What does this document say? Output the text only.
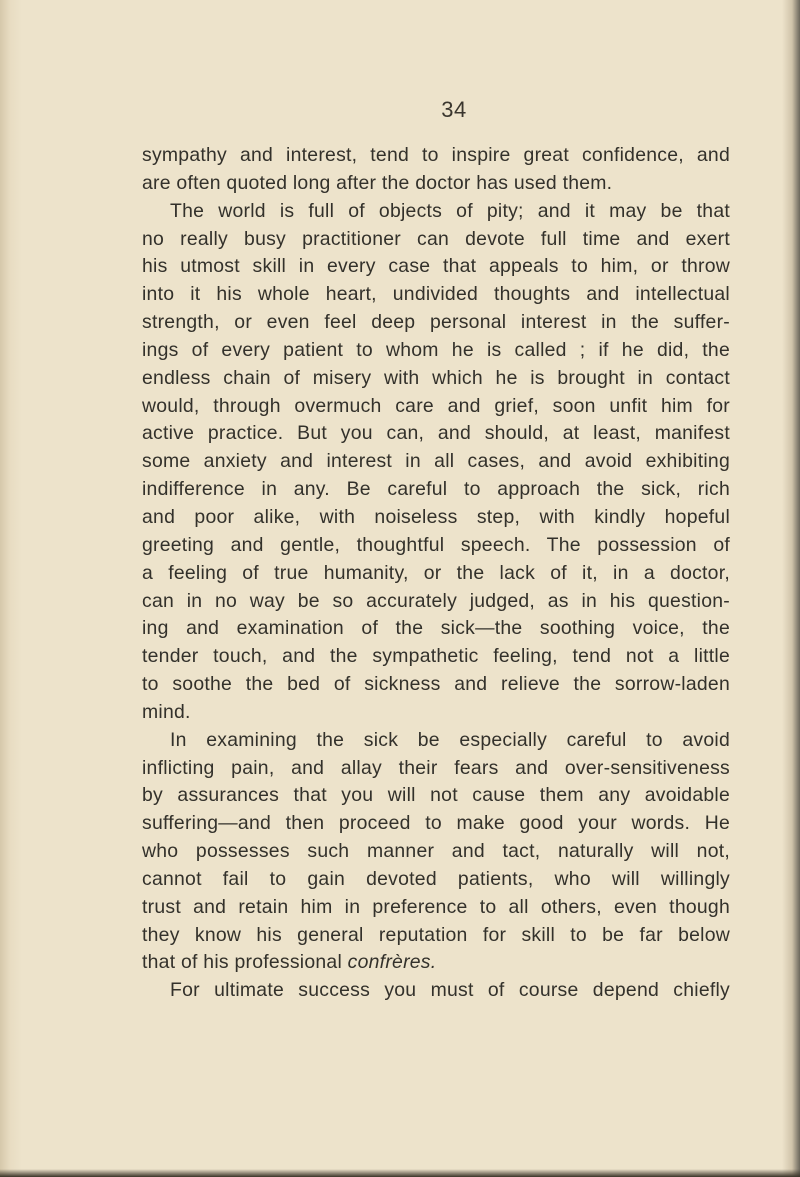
34
sympathy and interest, tend to inspire great confidence, and
are often quoted long after the doctor has used them.
The world is full of objects of pity; and it may be that
no really busy practitioner can devote full time and exert
his utmost skill in every case that appeals to him, or throw
into it his whole heart, undivided thoughts and intellectual
strength, or even feel deep personal interest in the suffer-
ings of every patient to whom he is called ; if he did, the
endless chain of misery with which he is brought in contact
would, through overmuch care and grief, soon unfit him for
active practice. But you can, and should, at least, manifest
some anxiety and interest in all cases, and avoid exhibiting
indifference in any. Be careful to approach the sick, rich
and poor alike, with noiseless step, with kindly hopeful
greeting and gentle, thoughtful speech. The possession of
a feeling of true humanity, or the lack of it, in a doctor,
can in no way be so accurately judged, as in his question-
ing and examination of the sick—the soothing voice, the
tender touch, and the sympathetic feeling, tend not a little
to soothe the bed of sickness and relieve the sorrow-laden
mind.
In examining the sick be especially careful to avoid
inflicting pain, and allay their fears and over-sensitiveness
by assurances that you will not cause them any avoidable
suffering—and then proceed to make good your words. He
who possesses such manner and tact, naturally will not,
cannot fail to gain devoted patients, who will willingly
trust and retain him in preference to all others, even though
they know his general reputation for skill to be far below
that of his professional confrères.
For ultimate success you must of course depend chiefly
